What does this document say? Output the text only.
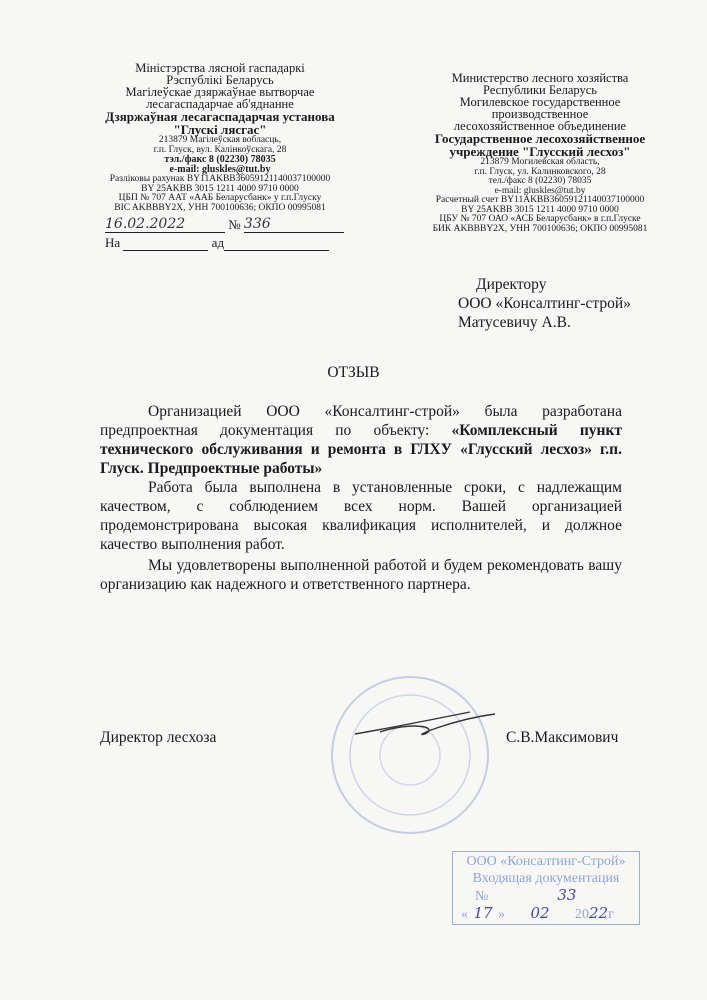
Міністэрства лясной гаспадаркі
Рэспублікі Беларусь
Магілеўскае дзяржаўнае вытворчае
лесагаспадарчае аб'яднанне
Дзяржаўная лесагаспадарчая установа
"Глускі лясгас"
213879 Магілеўская вобласць,
г.п. Глуск, вул. Калінкоўскага, 28
тэл./факс 8 (02230) 78035
e-mail: gluskles@tut.by
Разліковы рахунак BY11AKBB36059121140037100000
BY 25AKBB 3015 1211 4000 9710 0000
ЦБП № 707 ААТ «ААБ Беларусбанк» у г.п.Глуску
BIC AKBBBY2X, УНН 700100636; ОКПО 00995081
16.02.2022	№ 336
На	ад
Министерство лесного хозяйства
Республики Беларусь
Могилевское государственное
производственное
лесохозяйственное объединение
Государственное лесохозяйственное
учреждение "Глусский лесхоз"
213879 Могилевская область,
г.п. Глуск, ул. Калинковского, 28
тел./факс 8 (02230) 78035
e-mail: gluskles@tut.by
Расчетный счет BY11AKBB36059121140037100000
BY 25AKBB 3015 1211 4000 9710 0000
ЦБУ № 707 ОАО «АСБ Беларусбанк» в г.п.Глуске
БИК AKBBBY2X, УНН 700100636; ОКПО 00995081
Директору
ООО «Консалтинг-строй»
Матусевичу А.В.
ОТЗЫВ

Организацией ООО «Консалтинг-строй» была разработана предпроектная документация по объекту: «Комплексный пункт технического обслуживания и ремонта в ГЛХУ «Глусский лесхоз» г.п. Глуск. Предпроектные работы»

Работа была выполнена в установленные сроки, с надлежащим качеством, с соблюдением всех норм. Вашей организацией продемонстрирована высокая квалификация исполнителей, и должное качество выполнения работ.

Мы удовлетворены выполненной работой и будем рекомендовать вашу организацию как надежного и ответственного партнера.

Директор лесхоза	С.В.Максимович
ООО «Консалтинг-Строй»
Входящая документация
№	33
« 17 » 02 2022г
